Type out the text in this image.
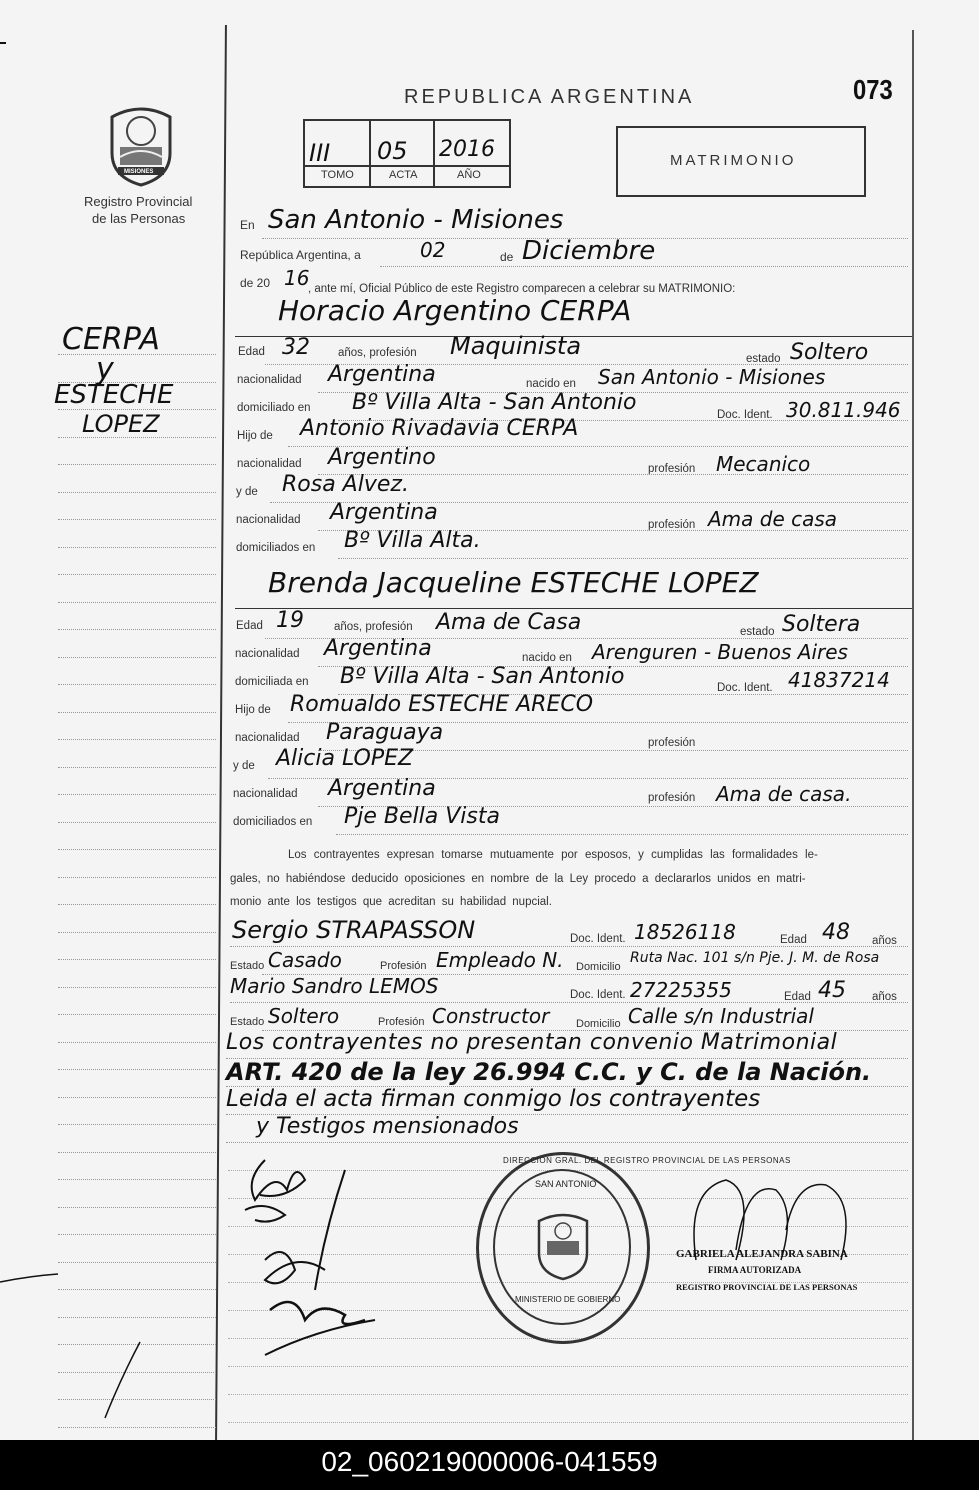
MISIONES
Registro Provincial
de las Personas
REPUBLICA ARGENTINA	073
III 05 2016
TOMO	ACTA	AÑO
MATRIMONIO
CERPA
y
ESTECHE
LOPEZ
En San Antonio - Misiones
República Argentina, a	02	de Diciembre
de 20 16
, ante mí, Oficial Público de este Registro comparecen a celebrar su MATRIMONIO:
Horacio Argentino CERPA
Edad 32 años, profesión Maquinista	estado Soltero
nacionalidad Argentina	nacido en San Antonio - Misiones
domiciliado en Bº Villa Alta - San Antonio	Doc. Ident. 30.811.946
Hijo de Antonio Rivadavia CERPA
nacionalidad Argentino	profesión Mecanico
y de Rosa Alvez.
nacionalidad Argentina	profesión Ama de casa
domiciliados en Bº Villa Alta.
Brenda Jacqueline ESTECHE LOPEZ
Edad 19	años, profesión Ama de Casa	estado Soltera
nacionalidad Argentina	nacido en Arenguren - Buenos Aires
domiciliada en Bº Villa Alta - San Antonio	Doc. Ident. 41837214
Hijo de Romualdo ESTECHE ARECO
nacionalidad Paraguaya	profesión
y de Alicia LOPEZ
nacionalidad Argentina	profesión Ama de casa.
domiciliados en Pje Bella Vista
Los contrayentes expresan tomarse mutuamente por esposos, y cumplidas las formalidades le-
gales, no habiéndose deducido oposiciones en nombre de la Ley procedo a declararlos unidos en matri-
monio ante los testigos que acreditan su habilidad nupcial.
Sergio STRAPASSON	Doc. Ident. 18526118	Edad 48 años
Estado Casado	Profesión Empleado N. Domicilio
Ruta Nac. 101 s/n Pje. J. M. de Rosa
Mario Sandro LEMOS	Doc. Ident. 27225355	Edad 45 años
Estado Soltero	Profesión Constructor Domicilio Calle s/n Industrial
Los contrayentes no presentan convenio Matrimonial
ART. 420 de la ley 26.994 C.C. y C. de la Nación.
Leida el acta firman conmigo los contrayentes
y Testigos mensionados
DIRECCION GRAL. DEL REGISTRO PROVINCIAL DE LAS PERSONAS
SAN ANTONIO
MINISTERIO DE GOBIERNO
GABRIELA ALEJANDRA SABINA
FIRMA AUTORIZADA
REGISTRO PROVINCIAL DE LAS PERSONAS
02_060219000006-041559
